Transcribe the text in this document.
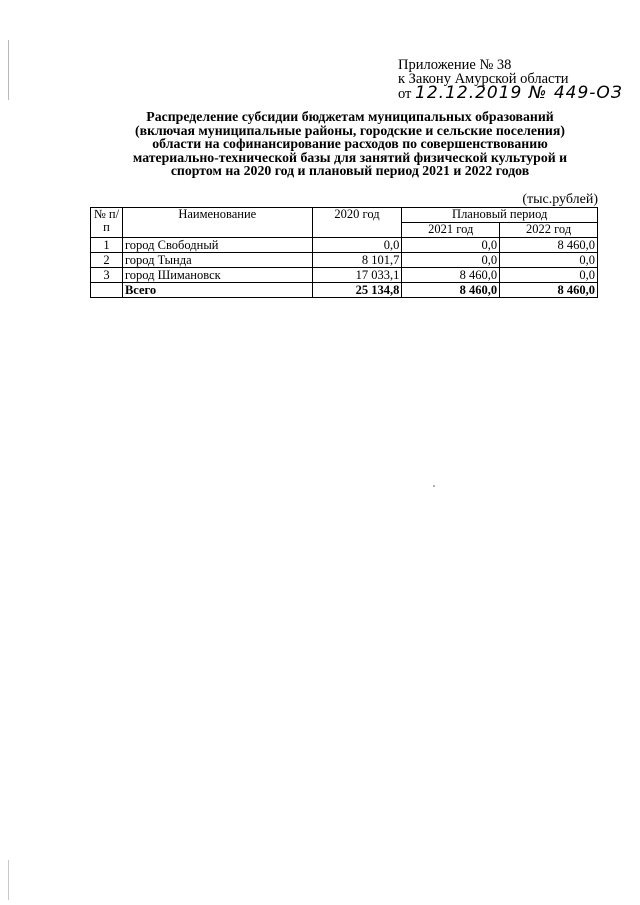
Приложение № 38
к Закону Амурской области
от 12.12.2019 № 449-ОЗ
Распределение субсидии бюджетам муниципальных образований
(включая муниципальные районы, городские и сельские поселения)
области на софинансирование расходов по совершенствованию
материально-технической базы для занятий физической культурой и
спортом на 2020 год и плановый период 2021 и 2022 годов
(тыс.рублей)
№ п/п	Наименование	2020 год	Плановый период	
			2021 год	2022 год
1	город Свободный	0,0	0,0	8 460,0
2	город Тында	8 101,7	0,0	0,0
3	город Шимановск	17 033,1	8 460,0	0,0
	Всего	25 134,8	8 460,0	8 460,0
